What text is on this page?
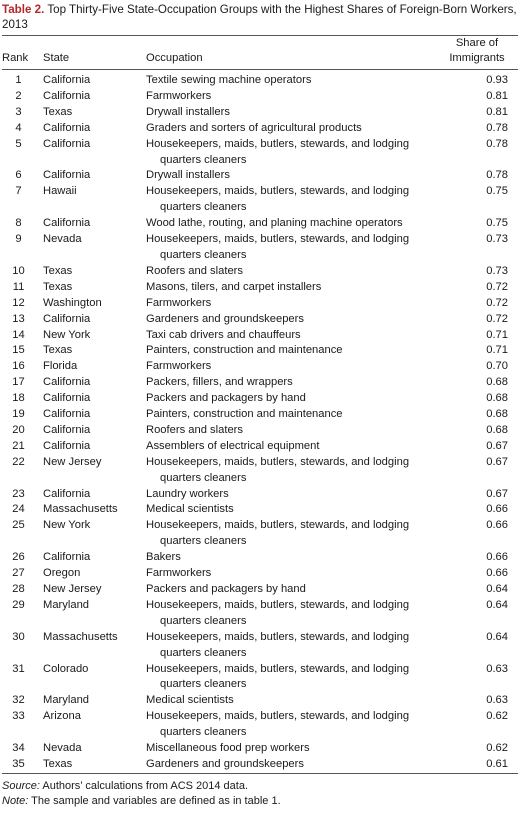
Table 2. Top Thirty-Five State-Occupation Groups with the Highest Shares of Foreign-Born Workers, 2013

Rank	State	Occupation	Share of
Immigrants

1	California	Textile sewing machine operators	0.93
2	California	Farmworkers	0.81
3	Texas	Drywall installers	0.81
4	California	Graders and sorters of agricultural products	0.78
5	California	Housekeepers, maids, butlers, stewards, and lodging
quarters cleaners	0.78
6	California	Drywall installers	0.78
7	Hawaii	Housekeepers, maids, butlers, stewards, and lodging
quarters cleaners	0.75
8	California	Wood lathe, routing, and planing machine operators	0.75
9	Nevada	Housekeepers, maids, butlers, stewards, and lodging
quarters cleaners	0.73
10	Texas	Roofers and slaters	0.73
11	Texas	Masons, tilers, and carpet installers	0.72
12	Washington	Farmworkers	0.72
13	California	Gardeners and groundskeepers	0.72
14	New York	Taxi cab drivers and chauffeurs	0.71
15	Texas	Painters, construction and maintenance	0.71
16	Florida	Farmworkers	0.70
17	California	Packers, fillers, and wrappers	0.68
18	California	Packers and packagers by hand	0.68
19	California	Painters, construction and maintenance	0.68
20	California	Roofers and slaters	0.68
21	California	Assemblers of electrical equipment	0.67
22	New Jersey	Housekeepers, maids, butlers, stewards, and lodging
quarters cleaners	0.67
23	California	Laundry workers	0.67
24	Massachusetts	Medical scientists	0.66
25	New York	Housekeepers, maids, butlers, stewards, and lodging
quarters cleaners	0.66
26	California	Bakers	0.66
27	Oregon	Farmworkers	0.66
28	New Jersey	Packers and packagers by hand	0.64
29	Maryland	Housekeepers, maids, butlers, stewards, and lodging
quarters cleaners	0.64
30	Massachusetts	Housekeepers, maids, butlers, stewards, and lodging
quarters cleaners	0.64
31	Colorado	Housekeepers, maids, butlers, stewards, and lodging
quarters cleaners	0.63
32	Maryland	Medical scientists	0.63
33	Arizona	Housekeepers, maids, butlers, stewards, and lodging
quarters cleaners	0.62
34	Nevada	Miscellaneous food prep workers	0.62
35	Texas	Gardeners and groundskeepers	0.61

Source: Authors’ calculations from ACS 2014 data.
Note: The sample and variables are defined as in table 1.
